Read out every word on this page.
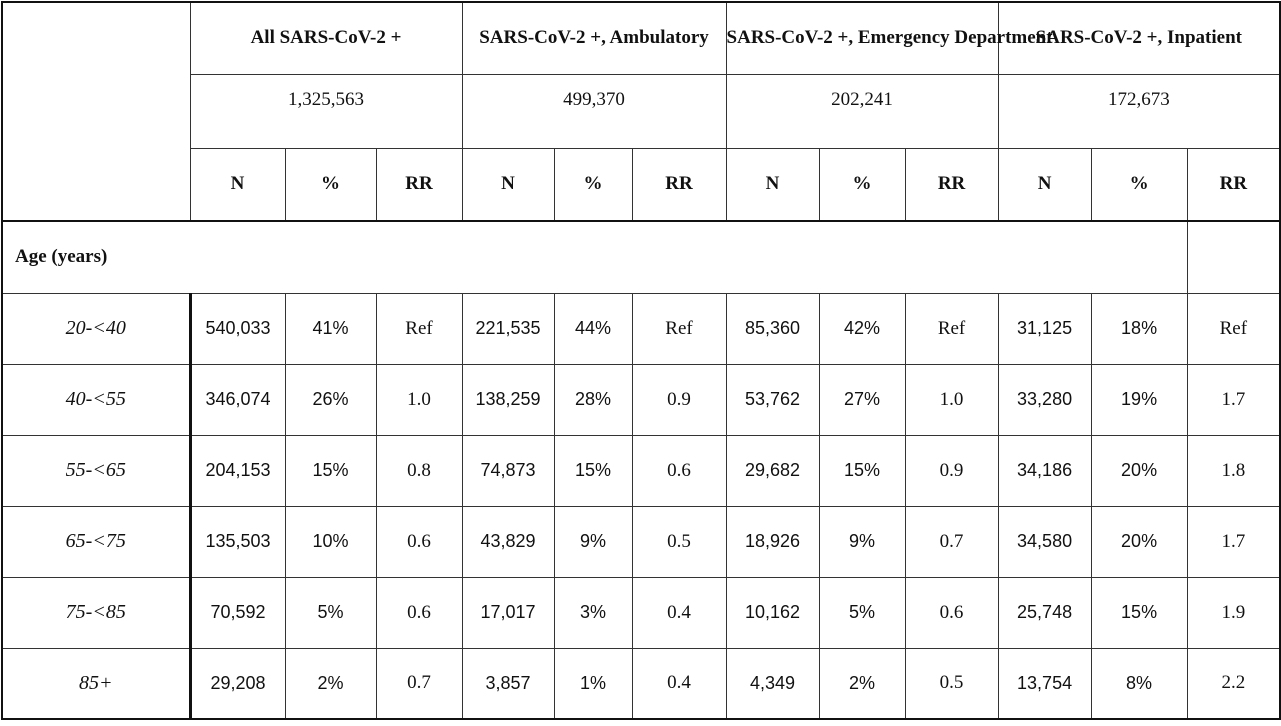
	All SARS-CoV-2 +			SARS-CoV-2 +, Ambulatory			SARS-CoV-2 +, Emergency Department			SARS-CoV-2 +, Inpatient		
	1,325,563			499,370			202,241			172,673		
	N	%	RR	N	%	RR	N	%	RR	N	%	RR
Age (years)												
20-<40	540,033	41%	Ref	221,535	44%	Ref	85,360	42%	Ref	31,125	18%	Ref
40-<55	346,074	26%	1.0	138,259	28%	0.9	53,762	27%	1.0	33,280	19%	1.7
55-<65	204,153	15%	0.8	74,873	15%	0.6	29,682	15%	0.9	34,186	20%	1.8
65-<75	135,503	10%	0.6	43,829	9%	0.5	18,926	9%	0.7	34,580	20%	1.7
75-<85	70,592	5%	0.6	17,017	3%	0.4	10,162	5%	0.6	25,748	15%	1.9
85+	29,208	2%	0.7	3,857	1%	0.4	4,349	2%	0.5	13,754	8%	2.2
